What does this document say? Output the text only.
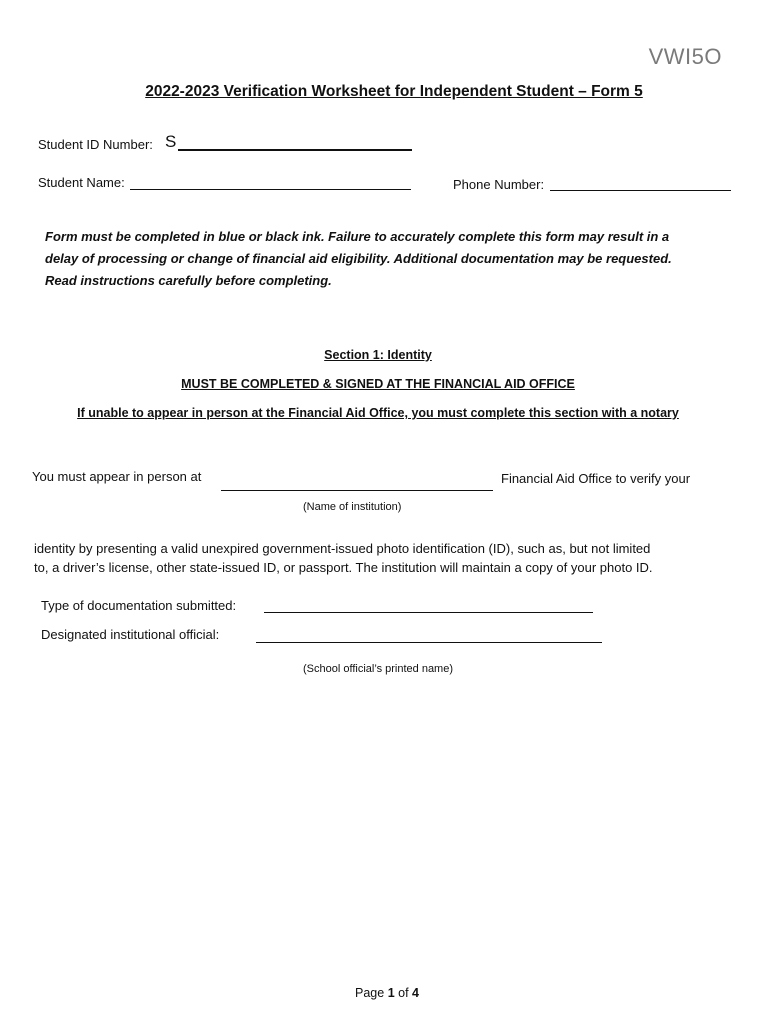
VWI5O
2022-2023 Verification Worksheet for Independent Student – Form 5
Student ID Number: S
Student Name:	Phone Number:
Form must be completed in blue or black ink. Failure to accurately complete this form may result in a
delay of processing or change of financial aid eligibility. Additional documentation may be requested.
Read instructions carefully before completing.
Section 1: Identity
MUST BE COMPLETED & SIGNED AT THE FINANCIAL AID OFFICE
If unable to appear in person at the Financial Aid Office, you must complete this section with a notary
You must appear in person at	Financial Aid Office to verify your
(Name of institution)
identity by presenting a valid unexpired government-issued photo identification (ID), such as, but not limited
to, a driver’s license, other state-issued ID, or passport. The institution will maintain a copy of your photo ID.
Type of documentation submitted:
Designated institutional official:
(School official’s printed name)
Page 1 of 4
